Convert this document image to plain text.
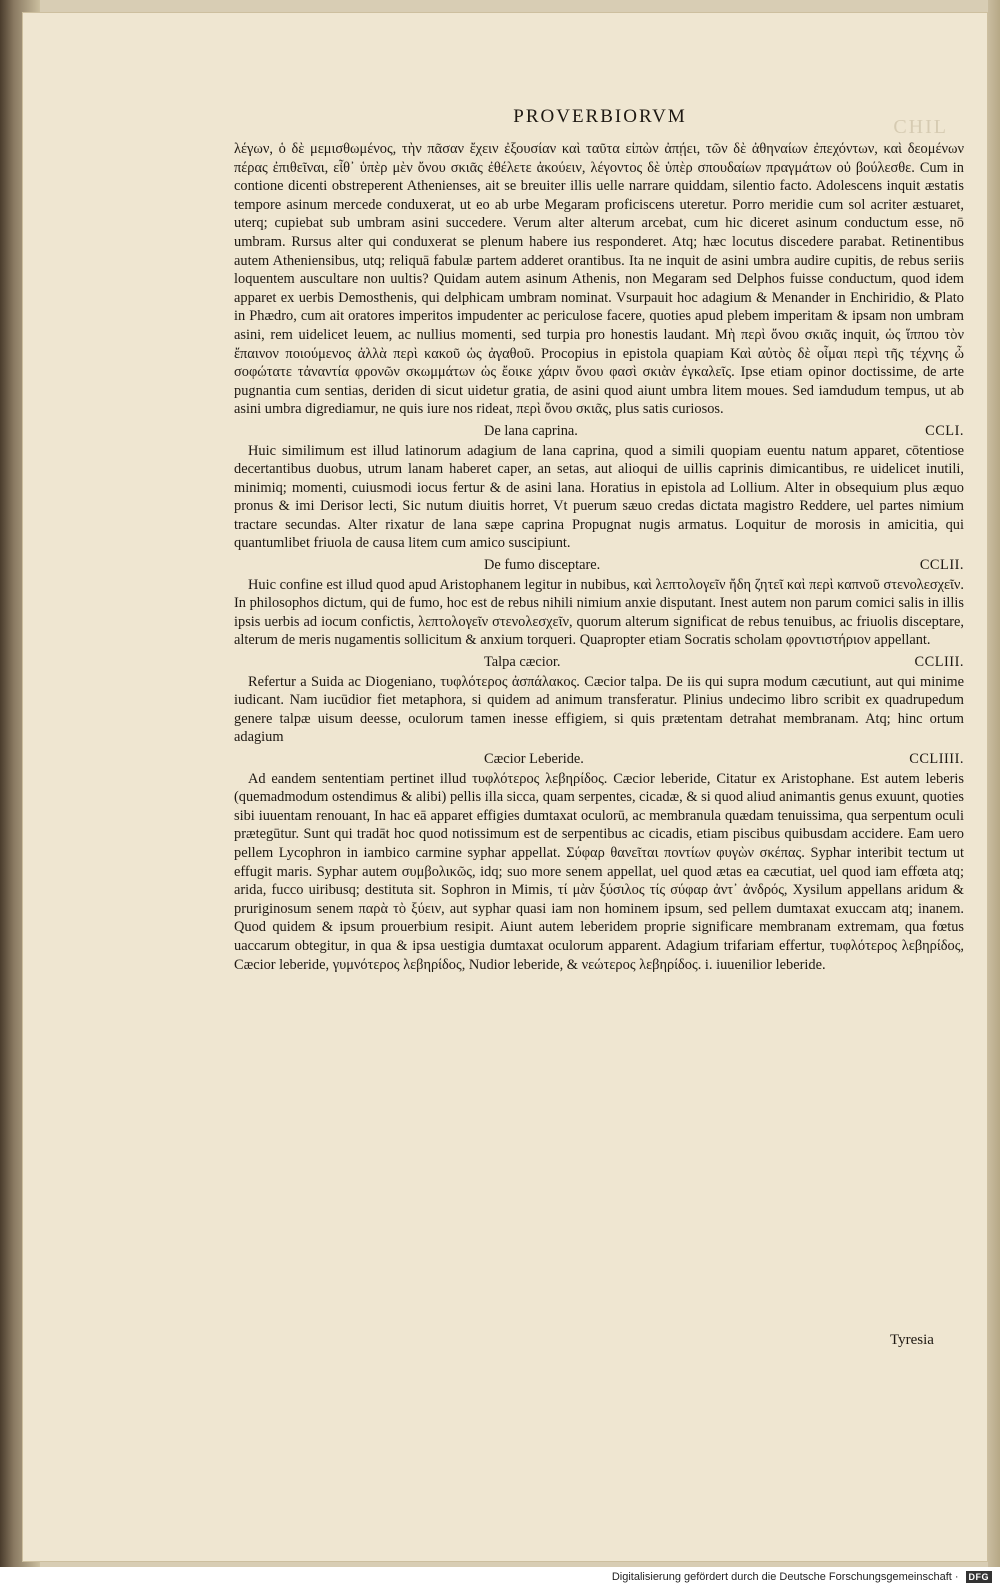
PROVERBIORVM	CHIL

λέγων, ὁ δὲ μεμισθωμένος, τὴν πᾶσαν ἔχειν ἐξουσίαν καὶ ταῦτα εἰπὼν ἀπῄει, τῶν δὲ ἀθηναίων ἐπεχόντων, καὶ δεομένων πέρας ἐπιθεῖναι, εἶθ᾽ ὑπὲρ μὲν ὄνου σκιᾶς ἐθέλετε ἀκούειν, λέγοντος δὲ ὑπὲρ σπουδαίων πραγμάτων οὐ βούλεσθε. Cum in contione dicenti obstreperent Athenienses, ait se breuiter illis uelle narrare quiddam, silentio facto. Adolescens inquit æstatis tempore asinum mercede conduxerat, ut eo ab urbe Megaram proficiscens uteretur. Porro meridie cum sol acriter æstuaret, uterq; cupiebat sub umbram asini succedere. Verum alter alterum arcebat, cum hic diceret asinum conductum esse, nō umbram. Rursus alter qui conduxerat se plenum habere ius responderet. Atq; hæc locutus discedere parabat. Retinentibus autem Atheniensibus, utq; reliquā fabulæ partem adderet orantibus. Ita ne inquit de asini umbra audire cupitis, de rebus seriis loquentem auscultare non uultis? Quidam autem asinum Athenis, non Megaram sed Delphos fuisse conductum, quod idem apparet ex uerbis Demosthenis, qui delphicam umbram nominat. Vsurpauit hoc adagium & Menander in Enchiridio, & Plato in Phædro, cum ait oratores imperitos impudenter ac periculose facere, quoties apud plebem imperitam & ipsam non umbram asini, rem uidelicet leuem, ac nullius momenti, sed turpia pro honestis laudant. Μὴ περὶ ὄνου σκιᾶς inquit, ὡς ἵππου τὸν ἔπαινον ποιούμενος ἀλλὰ περὶ κακοῦ ὡς ἀγαθοῦ. Procopius in epistola quapiam Καὶ αὐτὸς δὲ οἶμαι περὶ τῆς τέχνης ὦ σοφώτατε τἀναντία φρονῶν σκωμμάτων ὡς ἔοικε χάριν ὄνου φασὶ σκιὰν ἐγκαλεῖς. Ipse etiam opinor doctissime, de arte pugnantia cum sentias, deriden di sicut uidetur gratia, de asini quod aiunt umbra litem moues. Sed iamdudum tempus, ut ab asini umbra digrediamur, ne quis iure nos rideat, περὶ ὄνου σκιᾶς, plus satis curiosos.

De lana caprina.	CCLI.

Huic similimum est illud latinorum adagium de lana caprina, quod a simili quopiam euentu natum apparet, cōtentiose decertantibus duobus, utrum lanam haberet caper, an setas, aut alioqui de uillis caprinis dimicantibus, re uidelicet inutili, minimiq; momenti, cuiusmodi iocus fertur & de asini lana. Horatius in epistola ad Lollium. Alter in obsequium plus æquo pronus & imi Derisor lecti, Sic nutum diuitis horret, Vt puerum sæuo credas dictata magistro Reddere, uel partes nimium tractare secundas. Alter rixatur de lana sæpe caprina Propugnat nugis armatus. Loquitur de morosis in amicitia, qui quantumlibet friuola de causa litem cum amico suscipiunt.

De fumo disceptare.	CCLII.

Huic confine est illud quod apud Aristophanem legitur in nubibus, καὶ λεπτολογεῖν ἤδη ζητεῖ καὶ περὶ καπνοῦ στενολεσχεῖν. In philosophos dictum, qui de fumo, hoc est de rebus nihili nimium anxie disputant. Inest autem non parum comici salis in illis ipsis uerbis ad iocum confictis, λεπτολογεῖν στενολεσχεῖν, quorum alterum significat de rebus tenuibus, ac friuolis disceptare, alterum de meris nugamentis sollicitum & anxium torqueri. Quapropter etiam Socratis scholam φροντιστήριον appellant.

Talpa cæcior.	CCLIII.

Refertur a Suida ac Diogeniano, τυφλότερος ἀσπάλακος. Cæcior talpa. De iis qui supra modum cæcutiunt, aut qui minime iudicant. Nam iucūdior fiet metaphora, si quidem ad animum transferatur. Plinius undecimo libro scribit ex quadrupedum genere talpæ uisum deesse, oculorum tamen inesse effigiem, si quis prætentam detrahat membranam. Atq; hinc ortum adagium

Cæcior Leberide.	CCLIIII.

Ad eandem sententiam pertinet illud τυφλότερος λεβηρίδος. Cæcior leberide, Citatur ex Aristophane. Est autem leberis (quemadmodum ostendimus & alibi) pellis illa sicca, quam serpentes, cicadæ, & si quod aliud animantis genus exuunt, quoties sibi iuuentam renouant, In hac eā apparet effigies dumtaxat oculorū, ac membranula quædam tenuissima, qua serpentum oculi prætegūtur. Sunt qui tradāt hoc quod notissimum est de serpentibus ac cicadis, etiam piscibus quibusdam accidere. Eam uero pellem Lycophron in iambico carmine syphar appellat. Σύφαρ θανεῖται ποντίων φυγὼν σκέπας. Syphar interibit tectum ut effugit maris. Syphar autem συμβολικῶς, idq; suo more senem appellat, uel quod ætas ea cæcutiat, uel quod iam effœta atq; arida, fucco uiribusq; destituta sit. Sophron in Mimis, τί μὰν ξύσιλος τίς σύφαρ ἀντ᾽ ἀνδρός, Xysilum appellans aridum & pruriginosum senem παρὰ τὸ ξύειν, aut syphar quasi iam non hominem ipsum, sed pellem dumtaxat exuccam atq; inanem. Quod quidem & ipsum prouerbium resipit. Aiunt autem leberidem proprie significare membranam extremam, qua fœtus uaccarum obtegitur, in qua & ipsa uestigia dumtaxat oculorum apparent. Adagium trifariam effertur, τυφλότερος λεβηρίδος, Cæcior leberide, γυμνότερος λεβηρίδος, Nudior leberide, & νεώτερος λεβηρίδος. i. iuuenilior leberide.

Tyresia
Digitalisierung gefördert durch die Deutsche Forschungsgemeinschaft ·	DFG
